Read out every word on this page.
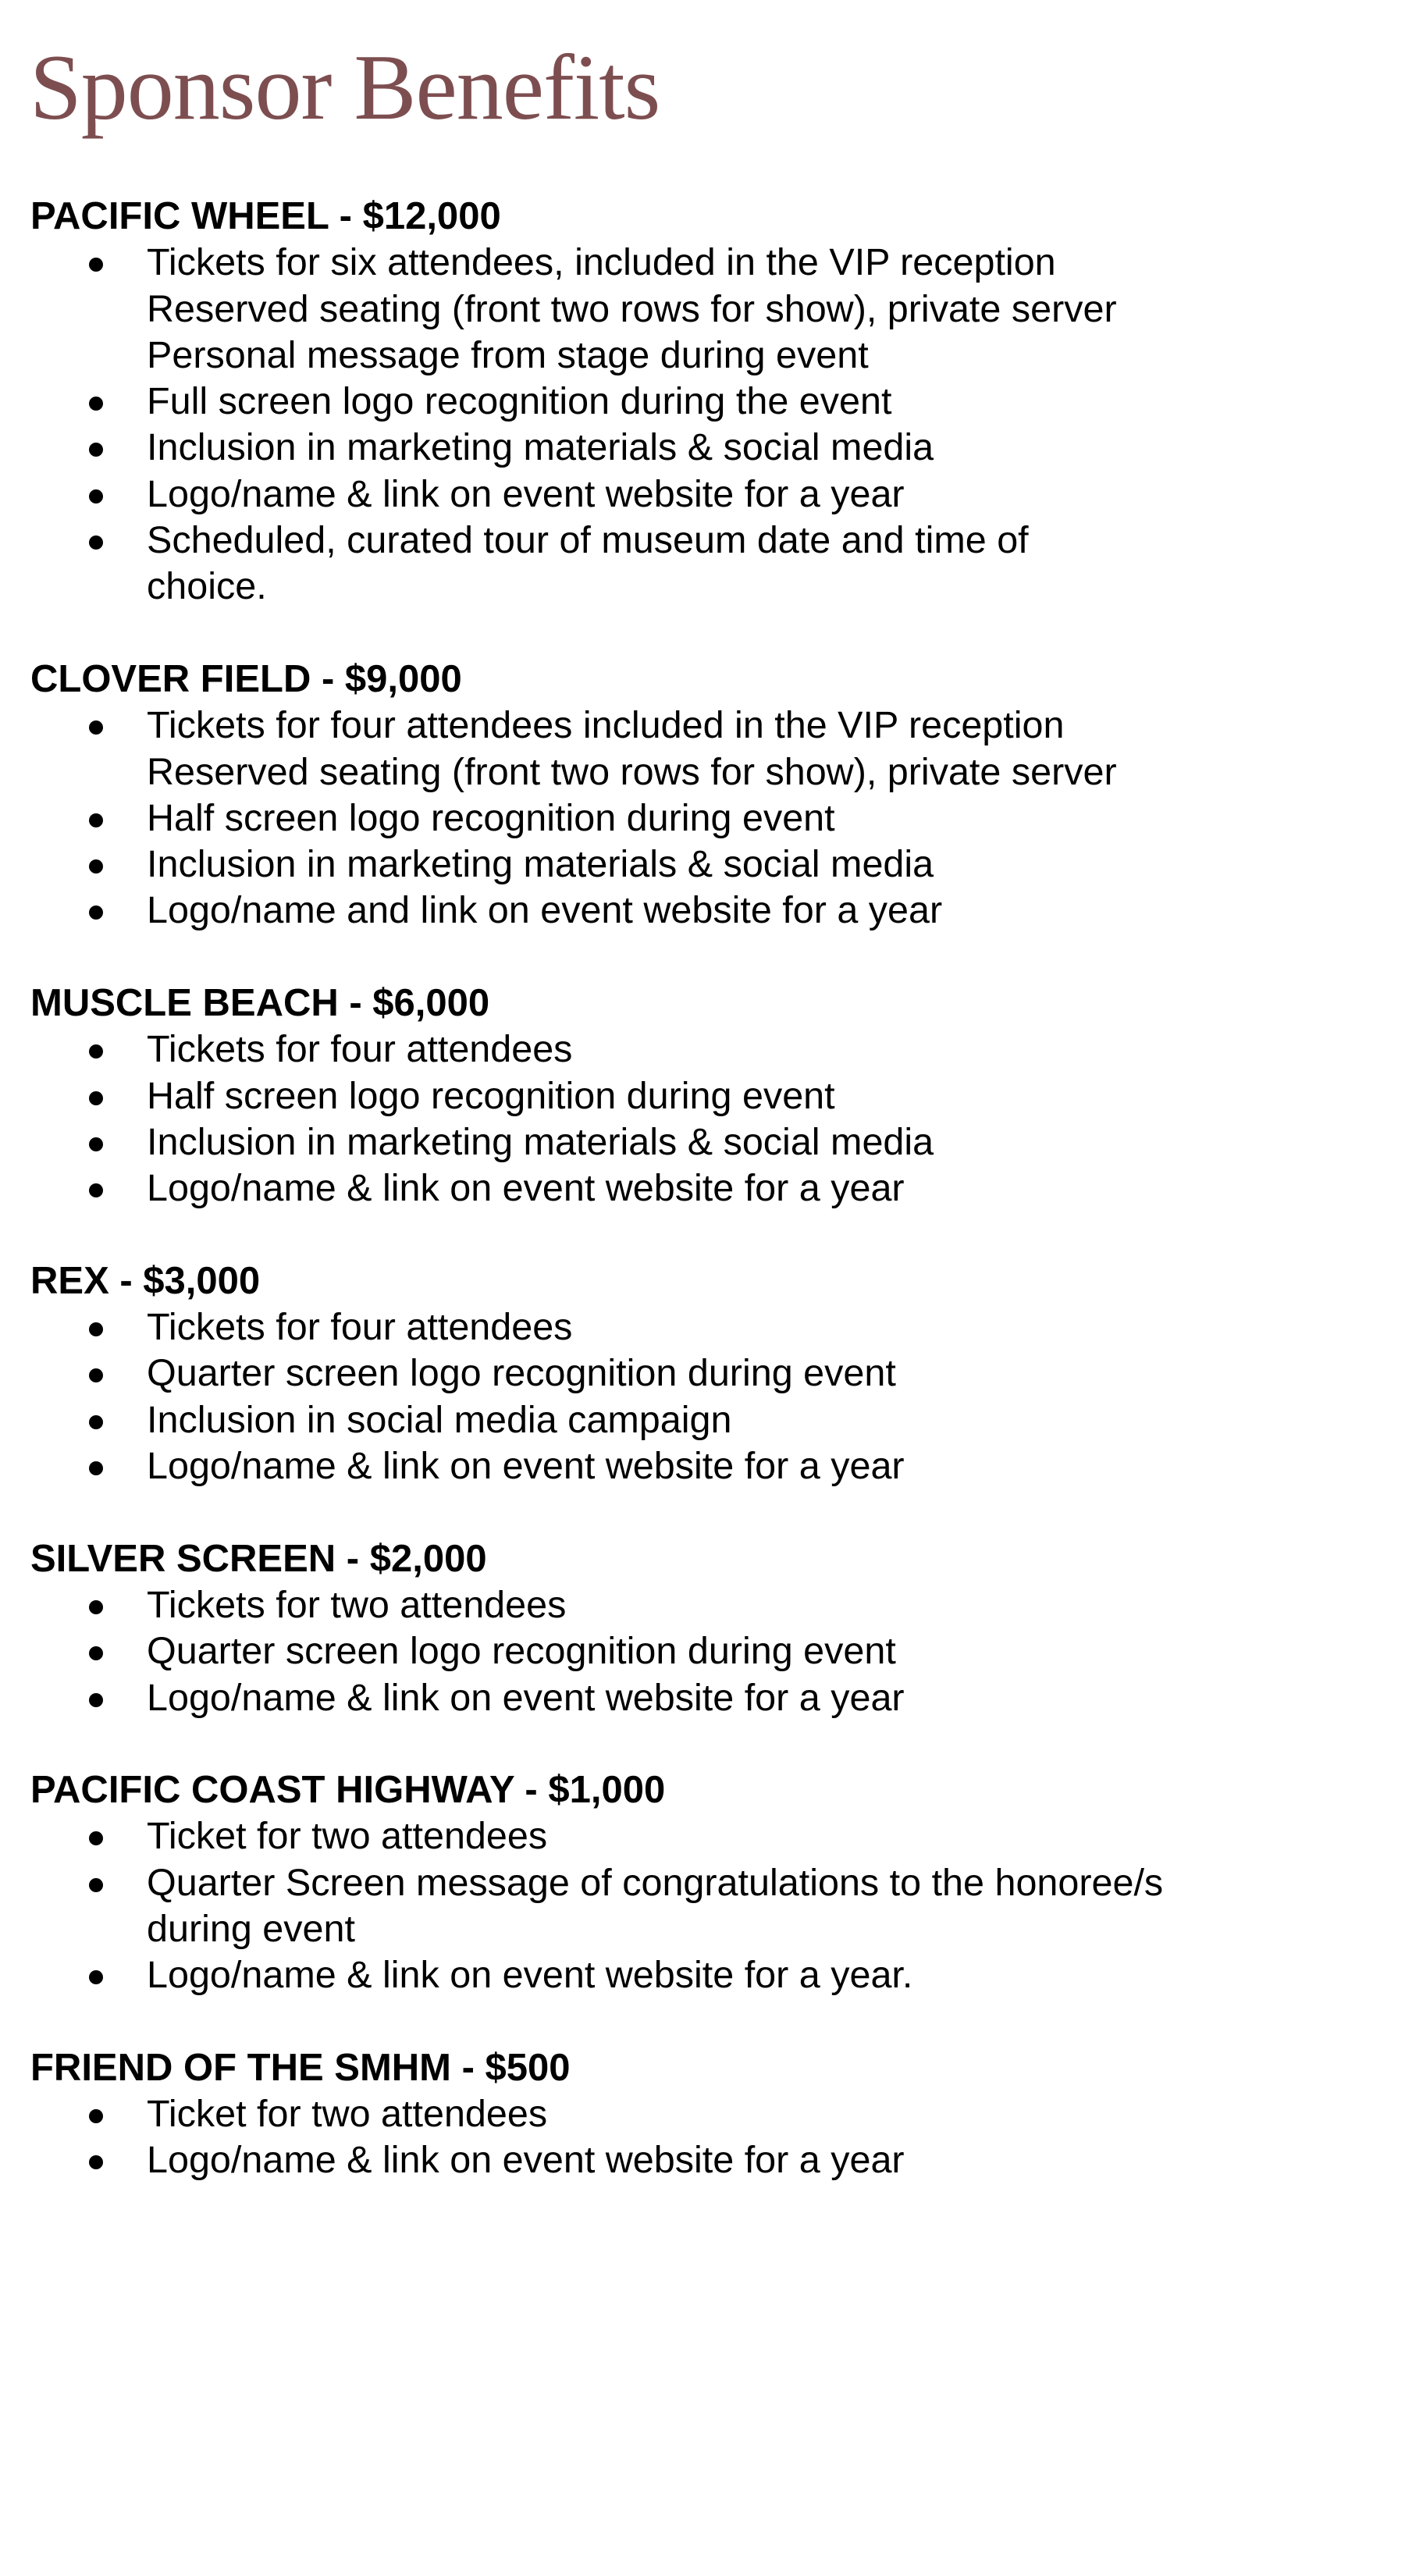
Sponsor Benefits
PACIFIC WHEEL - $12,000
Tickets for six attendees, included in the VIP reception
Reserved seating (front two rows for show), private server
Personal message from stage during event
Full screen logo recognition during the event
Inclusion in marketing materials & social media
Logo/name & link on event website for a year
Scheduled, curated tour of museum date and time of
choice.
CLOVER FIELD - $9,000
Tickets for four attendees included in the VIP reception
Reserved seating (front two rows for show), private server
Half screen logo recognition during event
Inclusion in marketing materials & social media
Logo/name and link on event website for a year
MUSCLE BEACH - $6,000
Tickets for four attendees
Half screen logo recognition during event
Inclusion in marketing materials & social media
Logo/name & link on event website for a year
REX - $3,000
Tickets for four attendees
Quarter screen logo recognition during event
Inclusion in social media campaign
Logo/name & link on event website for a year
SILVER SCREEN - $2,000
Tickets for two attendees
Quarter screen logo recognition during event
Logo/name & link on event website for a year
PACIFIC COAST HIGHWAY - $1,000
Ticket for two attendees
Quarter Screen message of congratulations to the honoree/s
during event
Logo/name & link on event website for a year.
FRIEND OF THE SMHM - $500
Ticket for two attendees
Logo/name & link on event website for a year
